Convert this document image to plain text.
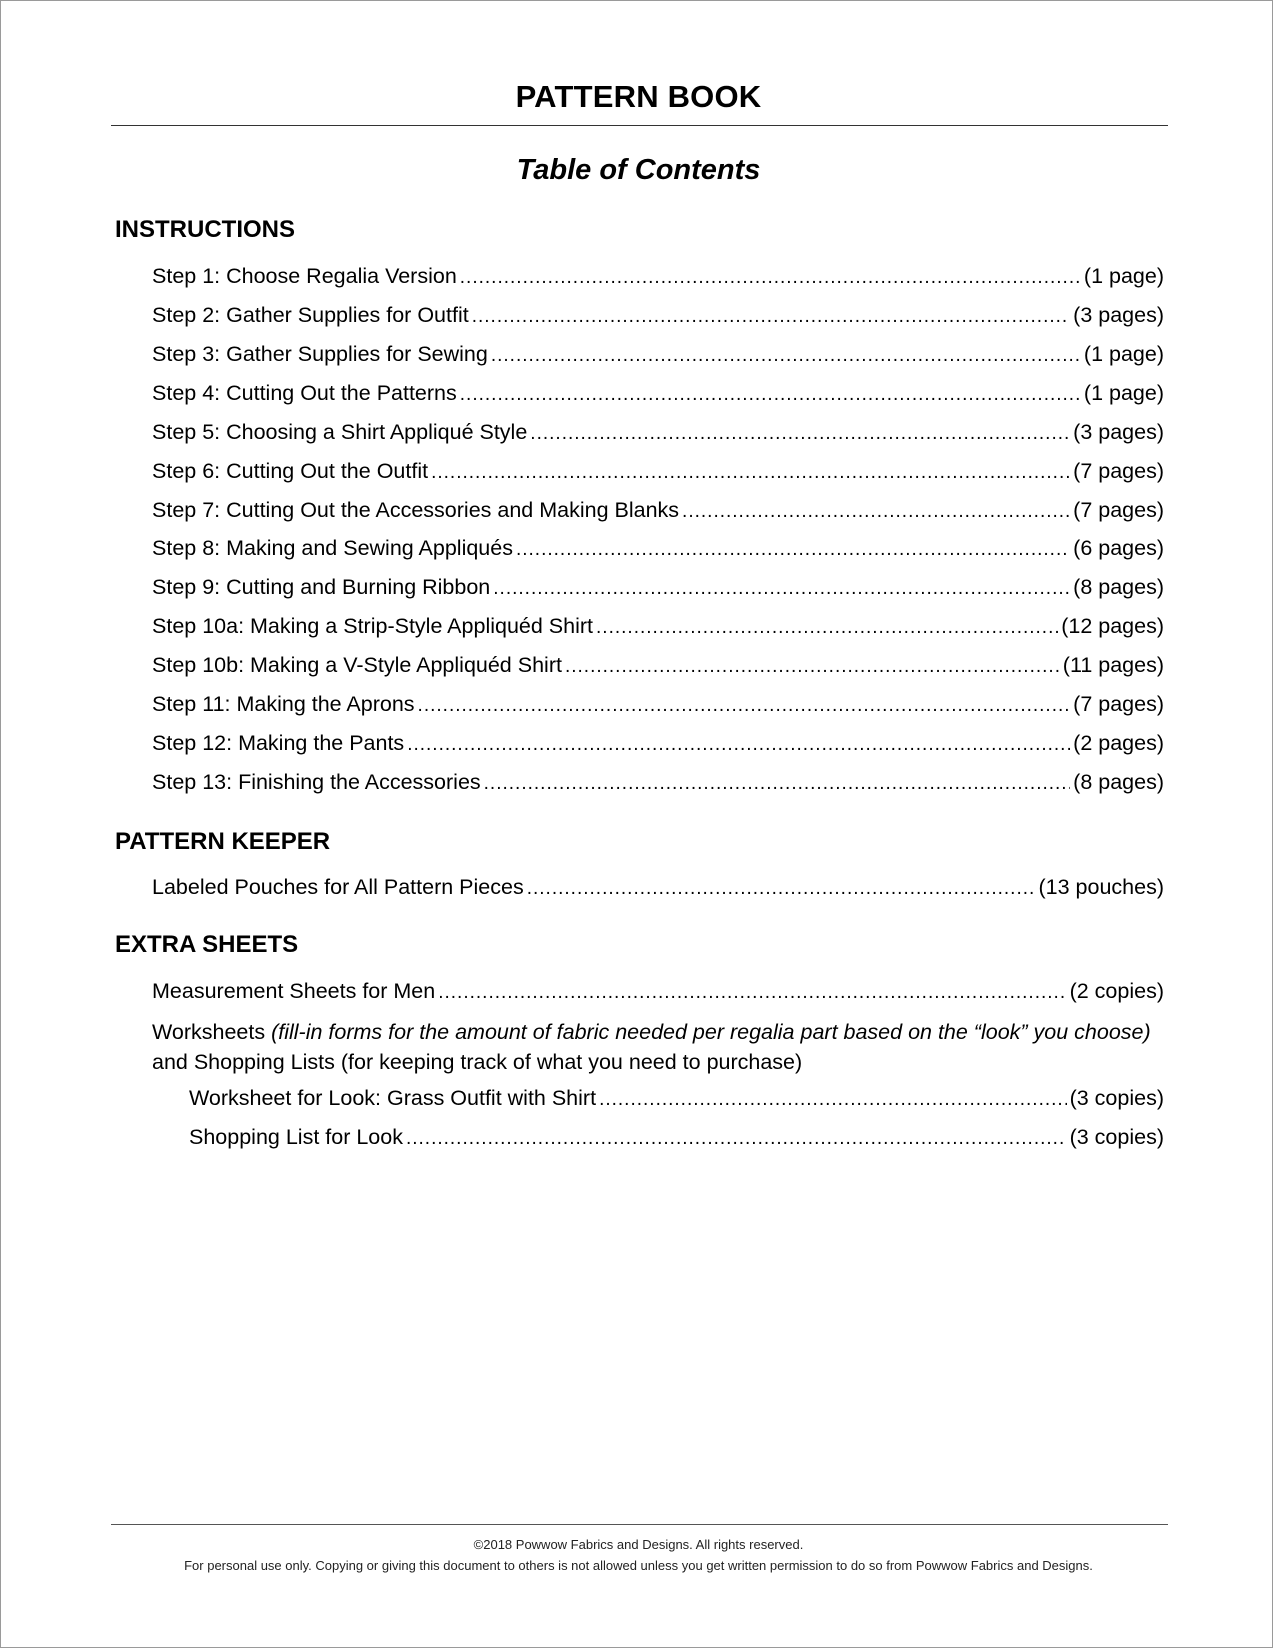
PATTERN BOOK
Table of Contents
INSTRUCTIONS
Step 1: Choose Regalia Version .....	(1 page)
Step 2: Gather Supplies for Outfit .....	(3 pages)
Step 3: Gather Supplies for Sewing .....	(1 page)
Step 4: Cutting Out the Patterns .....	(1 page)
Step 5: Choosing a Shirt Appliqué Style .....	(3 pages)
Step 6: Cutting Out the Outfit .....	(7 pages)
Step 7: Cutting Out the Accessories and Making Blanks .....	(7 pages)
Step 8: Making and Sewing Appliqués .....	(6 pages)
Step 9: Cutting and Burning Ribbon .....	(8 pages)
Step 10a: Making a Strip-Style Appliquéd Shirt .....	(12 pages)
Step 10b: Making a V-Style Appliquéd Shirt .....	(11 pages)
Step 11: Making the Aprons .....	(7 pages)
Step 12: Making the Pants .....	(2 pages)
Step 13: Finishing the Accessories .....	(8 pages)
PATTERN KEEPER
Labeled Pouches for All Pattern Pieces .....	(13 pouches)
EXTRA SHEETS
Measurement Sheets for Men .....	(2 copies)
Worksheets (fill-in forms for the amount of fabric needed per regalia part based on the “look” you choose) and Shopping Lists (for keeping track of what you need to purchase)
Worksheet for Look: Grass Outfit with Shirt .....	(3 copies)
Shopping List for Look .....	(3 copies)
©2018 Powwow Fabrics and Designs. All rights reserved.
For personal use only. Copying or giving this document to others is not allowed unless you get written permission to do so from Powwow Fabrics and Designs.
